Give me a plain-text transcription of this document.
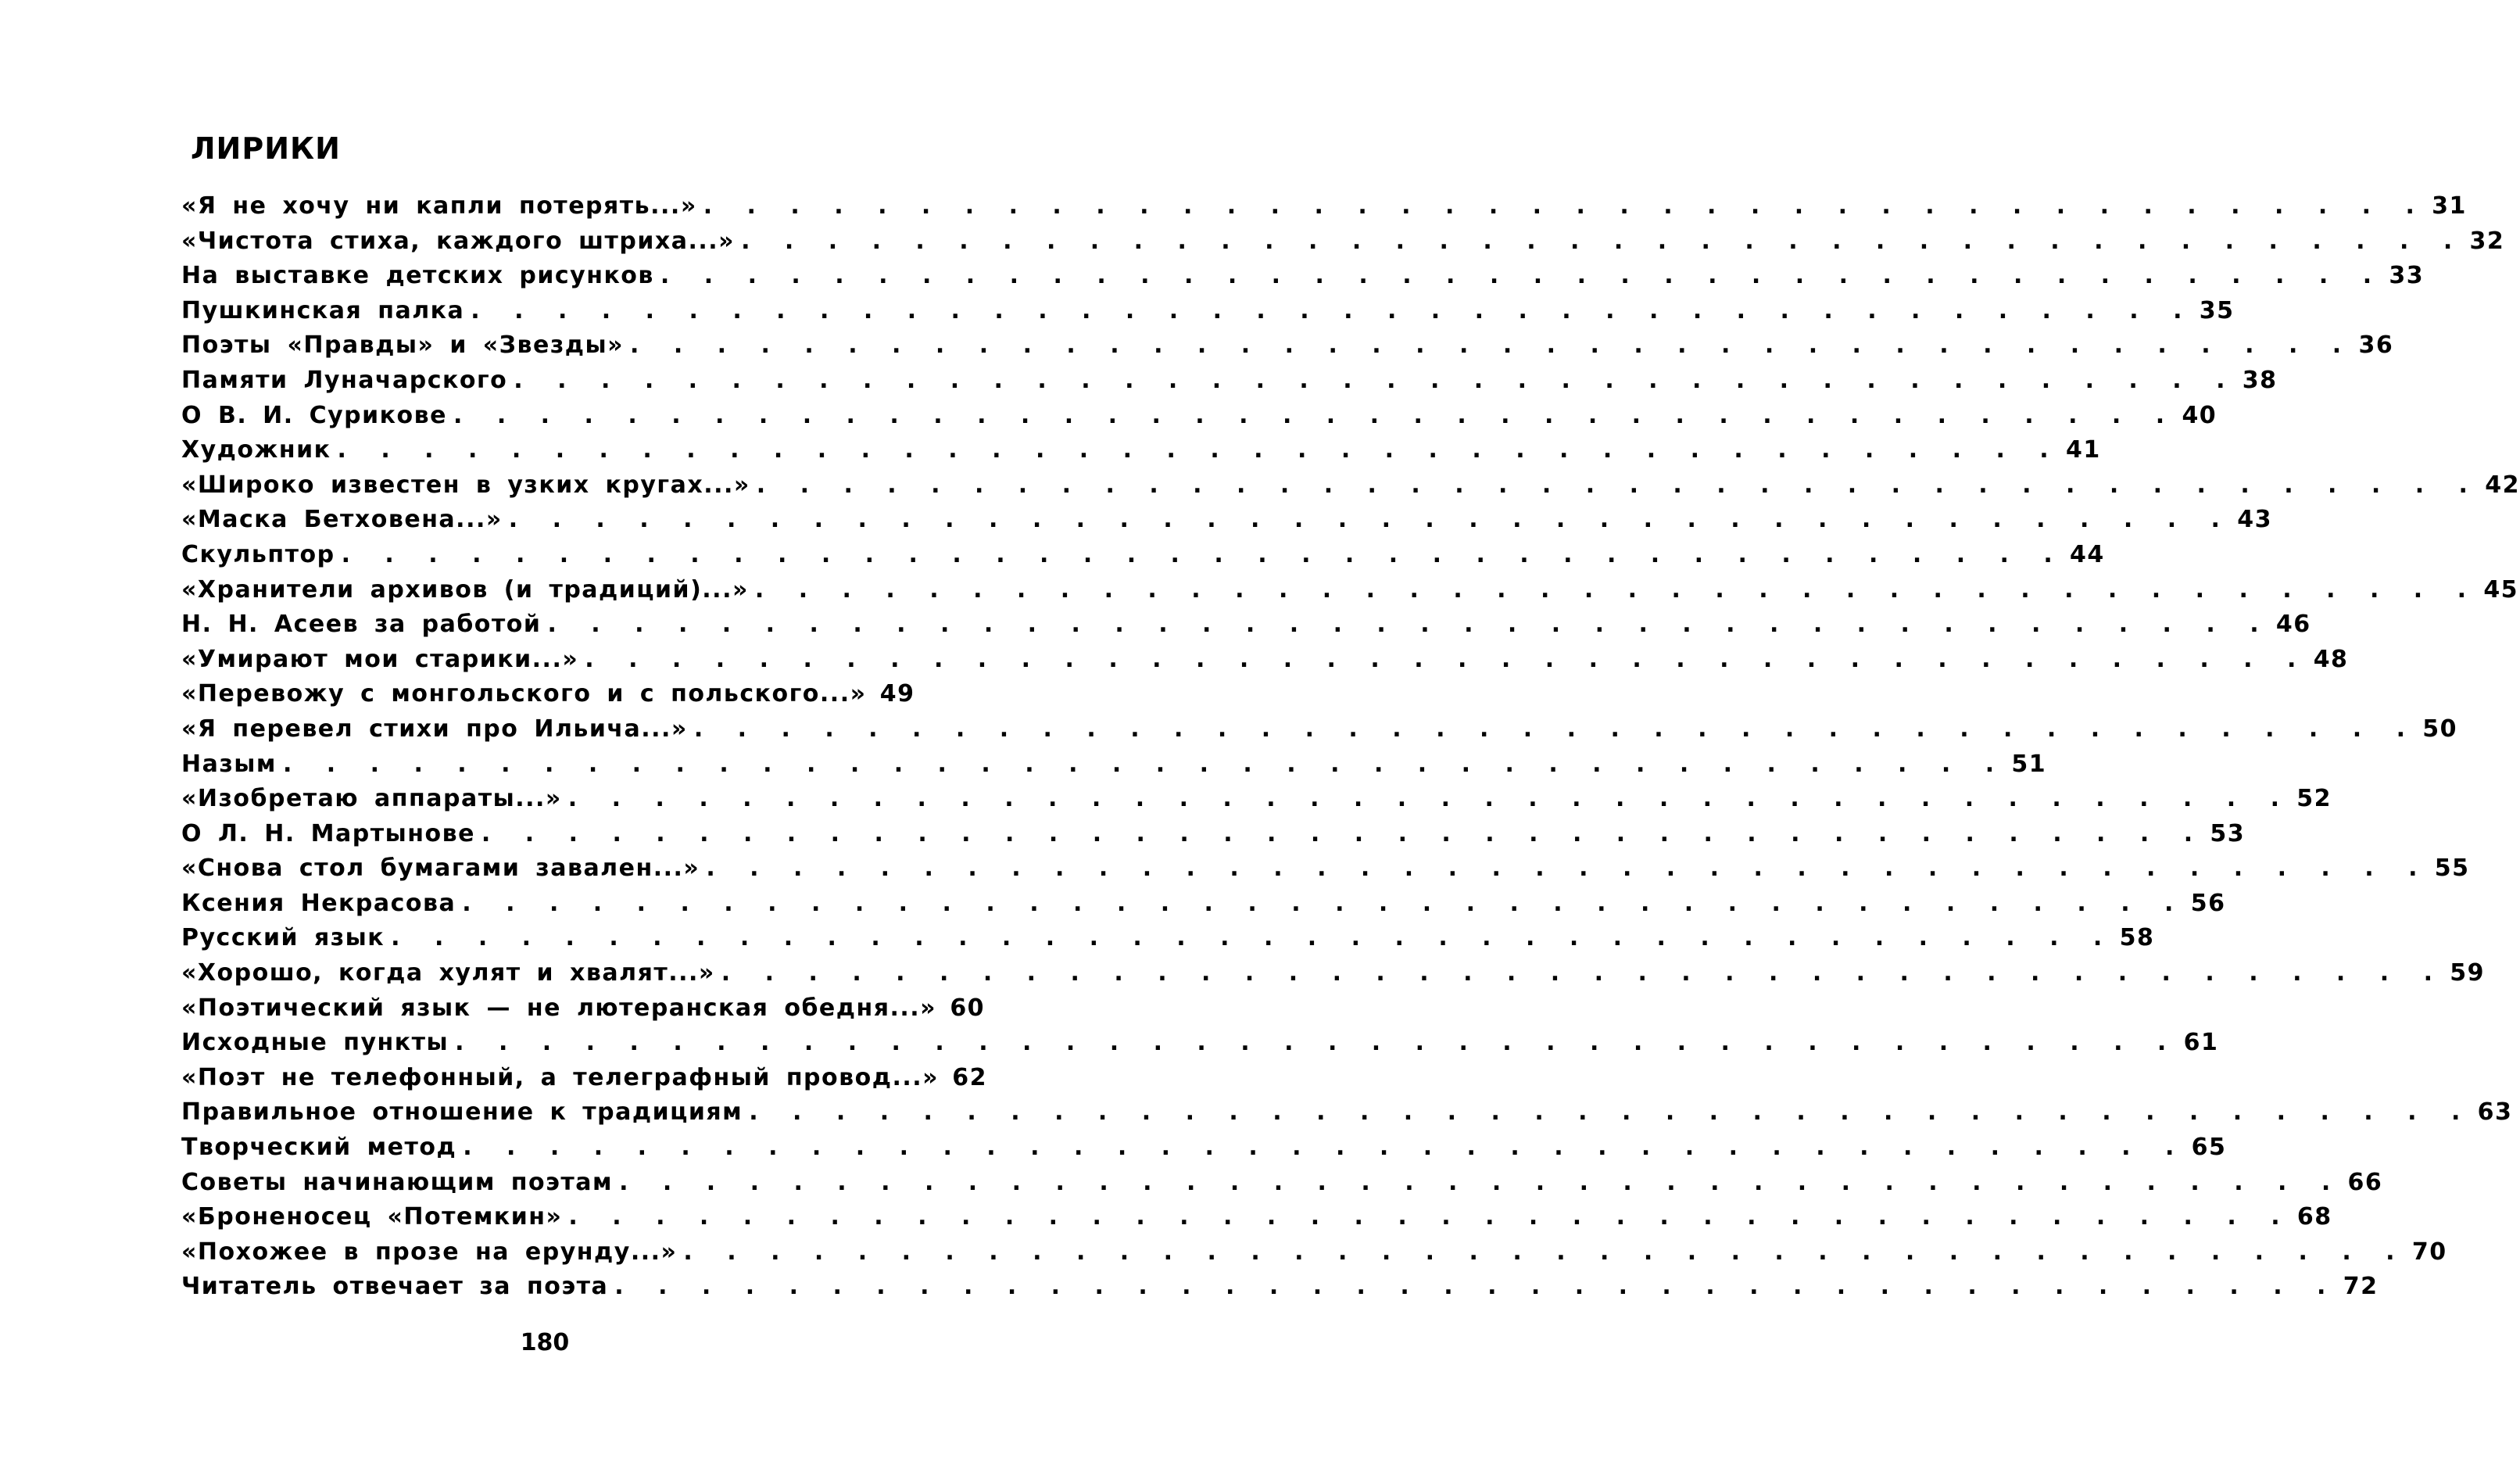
ЛИРИКИ
«Я не хочу ни капли потерять...» . . . . . . . . . . . . . . . . . . . . . . . . . . . . . . . . . . . . . . . . 31
«Чистота стиха, каждого штриха...» . . . . . . . . . . . . . . . . . . . . . . . . . . . . . . . . . . . . . . . . 32
На выставке детских рисунков . . . . . . . . . . . . . . . . . . . . . . . . . . . . . . . . . . . . . . . . 33
Пушкинская палка . . . . . . . . . . . . . . . . . . . . . . . . . . . . . . . . . . . . . . . . 35
Поэты «Правды» и «Звезды» . . . . . . . . . . . . . . . . . . . . . . . . . . . . . . . . . . . . . . . . 36
Памяти Луначарского . . . . . . . . . . . . . . . . . . . . . . . . . . . . . . . . . . . . . . . . 38
О В. И. Сурикове . . . . . . . . . . . . . . . . . . . . . . . . . . . . . . . . . . . . . . . . 40
Художник . . . . . . . . . . . . . . . . . . . . . . . . . . . . . . . . . . . . . . . . 41
«Широко известен в узких кругах...» . . . . . . . . . . . . . . . . . . . . . . . . . . . . . . . . . . . . . . . . 42
«Маска Бетховена...» . . . . . . . . . . . . . . . . . . . . . . . . . . . . . . . . . . . . . . . . 43
Скульптор . . . . . . . . . . . . . . . . . . . . . . . . . . . . . . . . . . . . . . . . 44
«Хранители архивов (и традиций)...» . . . . . . . . . . . . . . . . . . . . . . . . . . . . . . . . . . . . . . . . 45
Н. Н. Асеев за работой . . . . . . . . . . . . . . . . . . . . . . . . . . . . . . . . . . . . . . . . 46
«Умирают мои старики...» . . . . . . . . . . . . . . . . . . . . . . . . . . . . . . . . . . . . . . . . 48
«Перевожу с монгольского и с польского...» 49
«Я перевел стихи про Ильича...» . . . . . . . . . . . . . . . . . . . . . . . . . . . . . . . . . . . . . . . . 50
Назым . . . . . . . . . . . . . . . . . . . . . . . . . . . . . . . . . . . . . . . . 51
«Изобретаю аппараты...» . . . . . . . . . . . . . . . . . . . . . . . . . . . . . . . . . . . . . . . . 52
О Л. Н. Мартынове . . . . . . . . . . . . . . . . . . . . . . . . . . . . . . . . . . . . . . . . 53
«Снова стол бумагами завален...» . . . . . . . . . . . . . . . . . . . . . . . . . . . . . . . . . . . . . . . . 55
Ксения Некрасова . . . . . . . . . . . . . . . . . . . . . . . . . . . . . . . . . . . . . . . . 56
Русский язык . . . . . . . . . . . . . . . . . . . . . . . . . . . . . . . . . . . . . . . . 58
«Хорошо, когда хулят и хвалят...» . . . . . . . . . . . . . . . . . . . . . . . . . . . . . . . . . . . . . . . . 59
«Поэтический язык — не лютеранская обедня...» 60
Исходные пункты . . . . . . . . . . . . . . . . . . . . . . . . . . . . . . . . . . . . . . . . 61
«Поэт не телефонный, а телеграфный провод...» 62
Правильное отношение к традициям . . . . . . . . . . . . . . . . . . . . . . . . . . . . . . . . . . . . . . . . 63
Творческий метод . . . . . . . . . . . . . . . . . . . . . . . . . . . . . . . . . . . . . . . . 65
Советы начинающим поэтам . . . . . . . . . . . . . . . . . . . . . . . . . . . . . . . . . . . . . . . . 66
«Броненосец «Потемкин» . . . . . . . . . . . . . . . . . . . . . . . . . . . . . . . . . . . . . . . . 68
«Похожее в прозе на ерунду...» . . . . . . . . . . . . . . . . . . . . . . . . . . . . . . . . . . . . . . . . 70
Читатель отвечает за поэта . . . . . . . . . . . . . . . . . . . . . . . . . . . . . . . . . . . . . . . . 72
180
